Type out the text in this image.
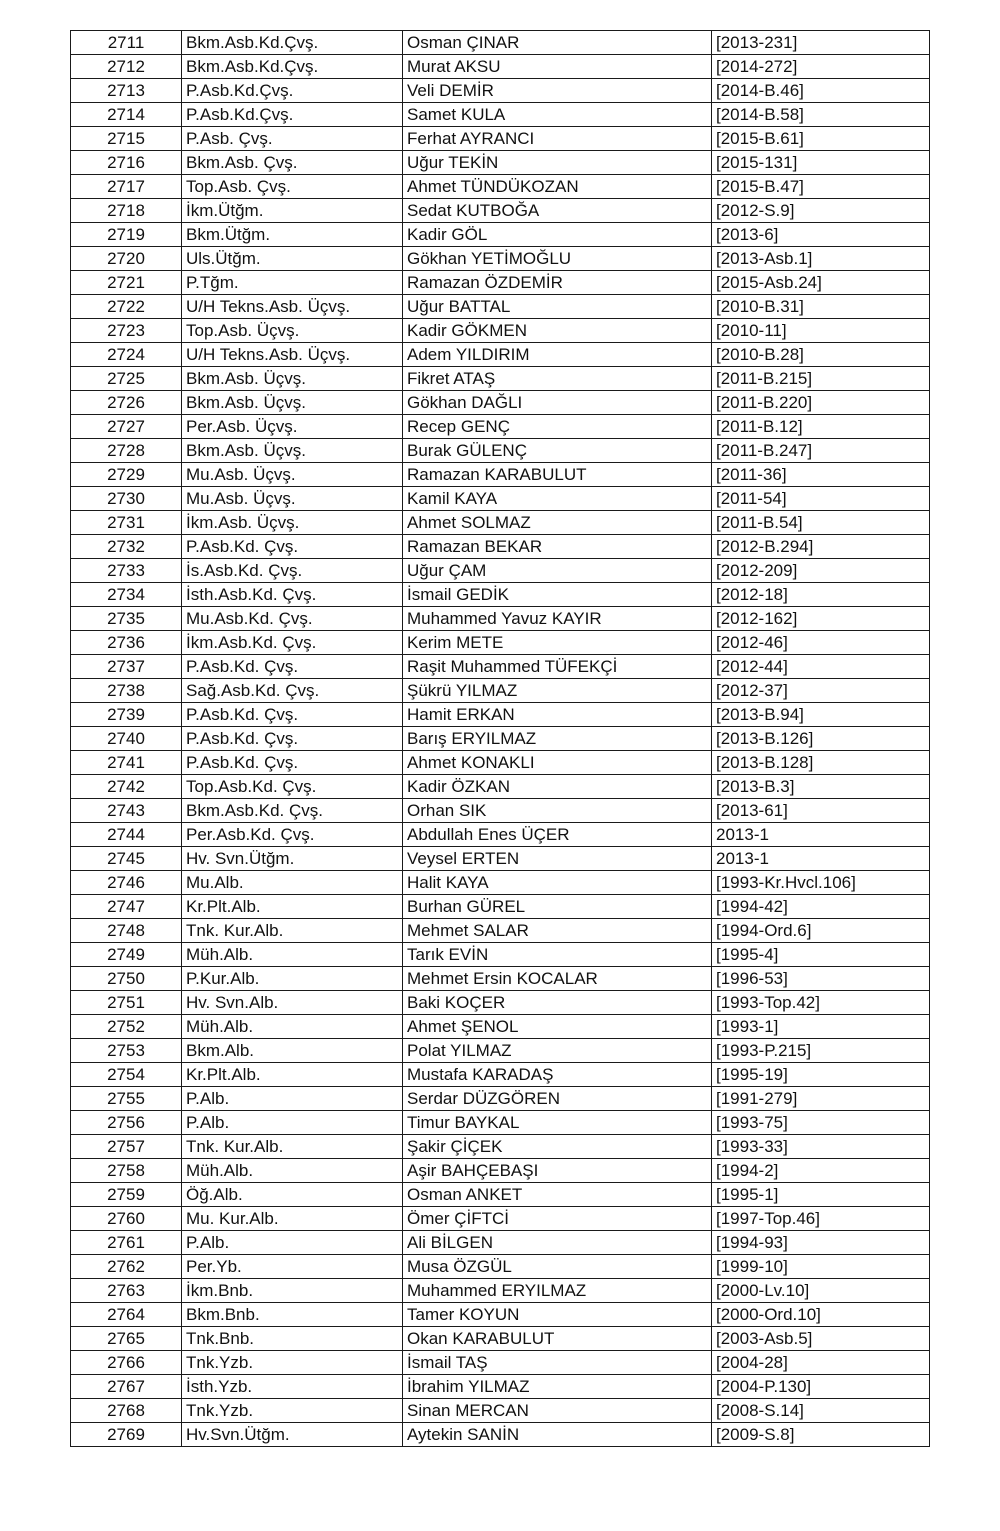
2711	Bkm.Asb.Kd.Çvş.	Osman ÇINAR	[2013-231]
2712	Bkm.Asb.Kd.Çvş.	Murat AKSU	[2014-272]
2713	P.Asb.Kd.Çvş.	Veli DEMİR	[2014-B.46]
2714	P.Asb.Kd.Çvş.	Samet KULA	[2014-B.58]
2715	P.Asb. Çvş.	Ferhat AYRANCI	[2015-B.61]
2716	Bkm.Asb. Çvş.	Uğur TEKİN	[2015-131]
2717	Top.Asb. Çvş.	Ahmet TÜNDÜKOZAN	[2015-B.47]
2718	İkm.Ütğm.	Sedat KUTBOĞA	[2012-S.9]
2719	Bkm.Ütğm.	Kadir GÖL	[2013-6]
2720	Uls.Ütğm.	Gökhan YETİMOĞLU	[2013-Asb.1]
2721	P.Tğm.	Ramazan ÖZDEMİR	[2015-Asb.24]
2722	U/H Tekns.Asb. Üçvş.	Uğur BATTAL	[2010-B.31]
2723	Top.Asb. Üçvş.	Kadir GÖKMEN	[2010-11]
2724	U/H Tekns.Asb. Üçvş.	Adem YILDIRIM	[2010-B.28]
2725	Bkm.Asb. Üçvş.	Fikret ATAŞ	[2011-B.215]
2726	Bkm.Asb. Üçvş.	Gökhan DAĞLI	[2011-B.220]
2727	Per.Asb. Üçvş.	Recep GENÇ	[2011-B.12]
2728	Bkm.Asb. Üçvş.	Burak GÜLENÇ	[2011-B.247]
2729	Mu.Asb. Üçvş.	Ramazan KARABULUT	[2011-36]
2730	Mu.Asb. Üçvş.	Kamil KAYA	[2011-54]
2731	İkm.Asb. Üçvş.	Ahmet SOLMAZ	[2011-B.54]
2732	P.Asb.Kd. Çvş.	Ramazan BEKAR	[2012-B.294]
2733	İs.Asb.Kd. Çvş.	Uğur ÇAM	[2012-209]
2734	İsth.Asb.Kd. Çvş.	İsmail GEDİK	[2012-18]
2735	Mu.Asb.Kd. Çvş.	Muhammed Yavuz KAYIR	[2012-162]
2736	İkm.Asb.Kd. Çvş.	Kerim METE	[2012-46]
2737	P.Asb.Kd. Çvş.	Raşit Muhammed TÜFEKÇİ	[2012-44]
2738	Sağ.Asb.Kd. Çvş.	Şükrü YILMAZ	[2012-37]
2739	P.Asb.Kd. Çvş.	Hamit ERKAN	[2013-B.94]
2740	P.Asb.Kd. Çvş.	Barış ERYILMAZ	[2013-B.126]
2741	P.Asb.Kd. Çvş.	Ahmet KONAKLI	[2013-B.128]
2742	Top.Asb.Kd. Çvş.	Kadir ÖZKAN	[2013-B.3]
2743	Bkm.Asb.Kd. Çvş.	Orhan SIK	[2013-61]
2744	Per.Asb.Kd. Çvş.	Abdullah Enes ÜÇER	2013-1
2745	Hv. Svn.Ütğm.	Veysel ERTEN	2013-1
2746	Mu.Alb.	Halit KAYA	[1993-Kr.Hvcl.106]
2747	Kr.Plt.Alb.	Burhan GÜREL	[1994-42]
2748	Tnk. Kur.Alb.	Mehmet SALAR	[1994-Ord.6]
2749	Müh.Alb.	Tarık EVİN	[1995-4]
2750	P.Kur.Alb.	Mehmet Ersin KOCALAR	[1996-53]
2751	Hv. Svn.Alb.	Baki KOÇER	[1993-Top.42]
2752	Müh.Alb.	Ahmet ŞENOL	[1993-1]
2753	Bkm.Alb.	Polat YILMAZ	[1993-P.215]
2754	Kr.Plt.Alb.	Mustafa KARADAŞ	[1995-19]
2755	P.Alb.	Serdar DÜZGÖREN	[1991-279]
2756	P.Alb.	Timur BAYKAL	[1993-75]
2757	Tnk. Kur.Alb.	Şakir ÇİÇEK	[1993-33]
2758	Müh.Alb.	Aşir BAHÇEBAŞI	[1994-2]
2759	Öğ.Alb.	Osman ANKET	[1995-1]
2760	Mu. Kur.Alb.	Ömer ÇİFTCİ	[1997-Top.46]
2761	P.Alb.	Ali BİLGEN	[1994-93]
2762	Per.Yb.	Musa ÖZGÜL	[1999-10]
2763	İkm.Bnb.	Muhammed ERYILMAZ	[2000-Lv.10]
2764	Bkm.Bnb.	Tamer KOYUN	[2000-Ord.10]
2765	Tnk.Bnb.	Okan KARABULUT	[2003-Asb.5]
2766	Tnk.Yzb.	İsmail TAŞ	[2004-28]
2767	İsth.Yzb.	İbrahim YILMAZ	[2004-P.130]
2768	Tnk.Yzb.	Sinan MERCAN	[2008-S.14]
2769	Hv.Svn.Ütğm.	Aytekin SANİN	[2009-S.8]
